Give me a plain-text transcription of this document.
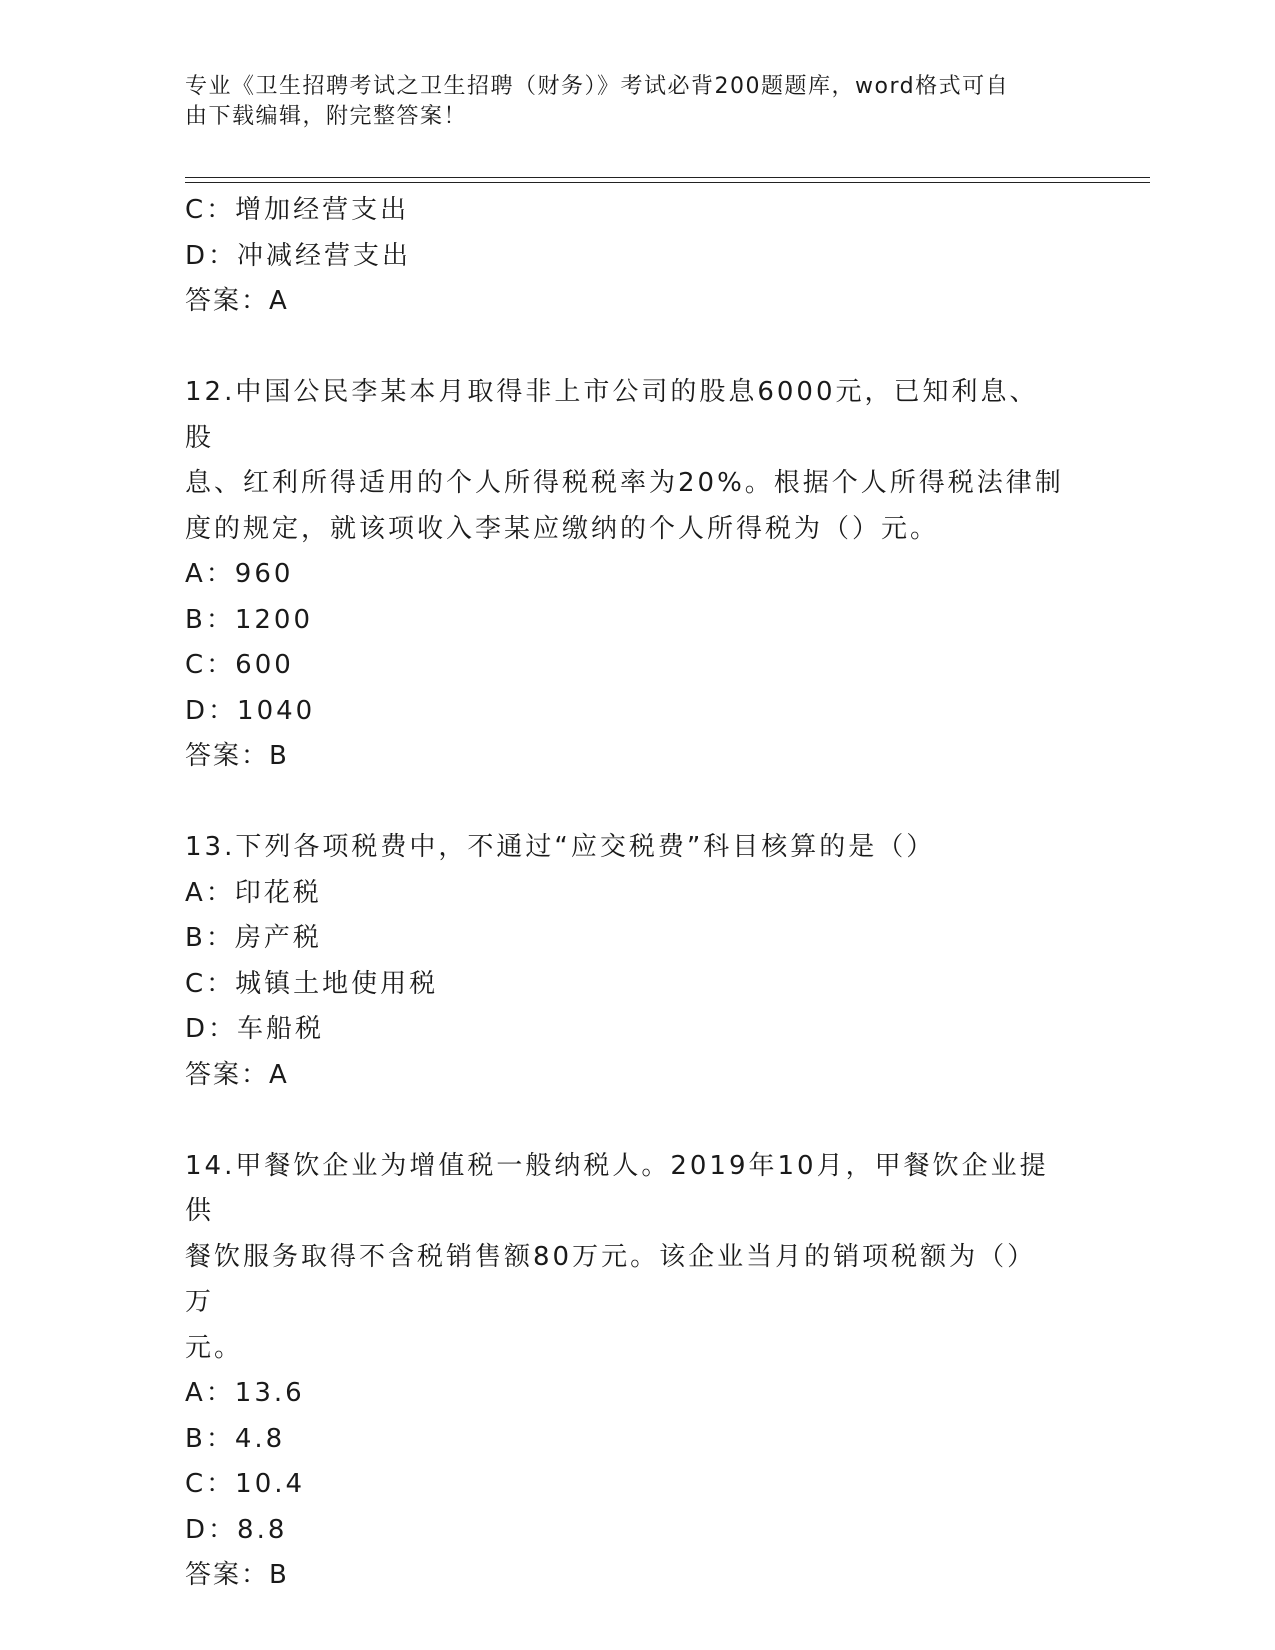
专业《卫生招聘考试之卫生招聘（财务）》考试必背200题题库，word格式可自
由下载编辑，附完整答案！
C：增加经营支出
D：冲减经营支出
答案：A
12.中国公民李某本月取得非上市公司的股息6000元，已知利息、股
息、红利所得适用的个人所得税税率为20%。根据个人所得税法律制
度的规定，就该项收入李某应缴纳的个人所得税为（）元。
A：960
B：1200
C：600
D：1040
答案：B
13.下列各项税费中，不通过“应交税费”科目核算的是（）
A：印花税
B：房产税
C：城镇土地使用税
D：车船税
答案：A
14.甲餐饮企业为增值税一般纳税人。2019年10月，甲餐饮企业提供
餐饮服务取得不含税销售额80万元。该企业当月的销项税额为（）万
元。
A：13.6
B：4.8
C：10.4
D：8.8
答案：B
